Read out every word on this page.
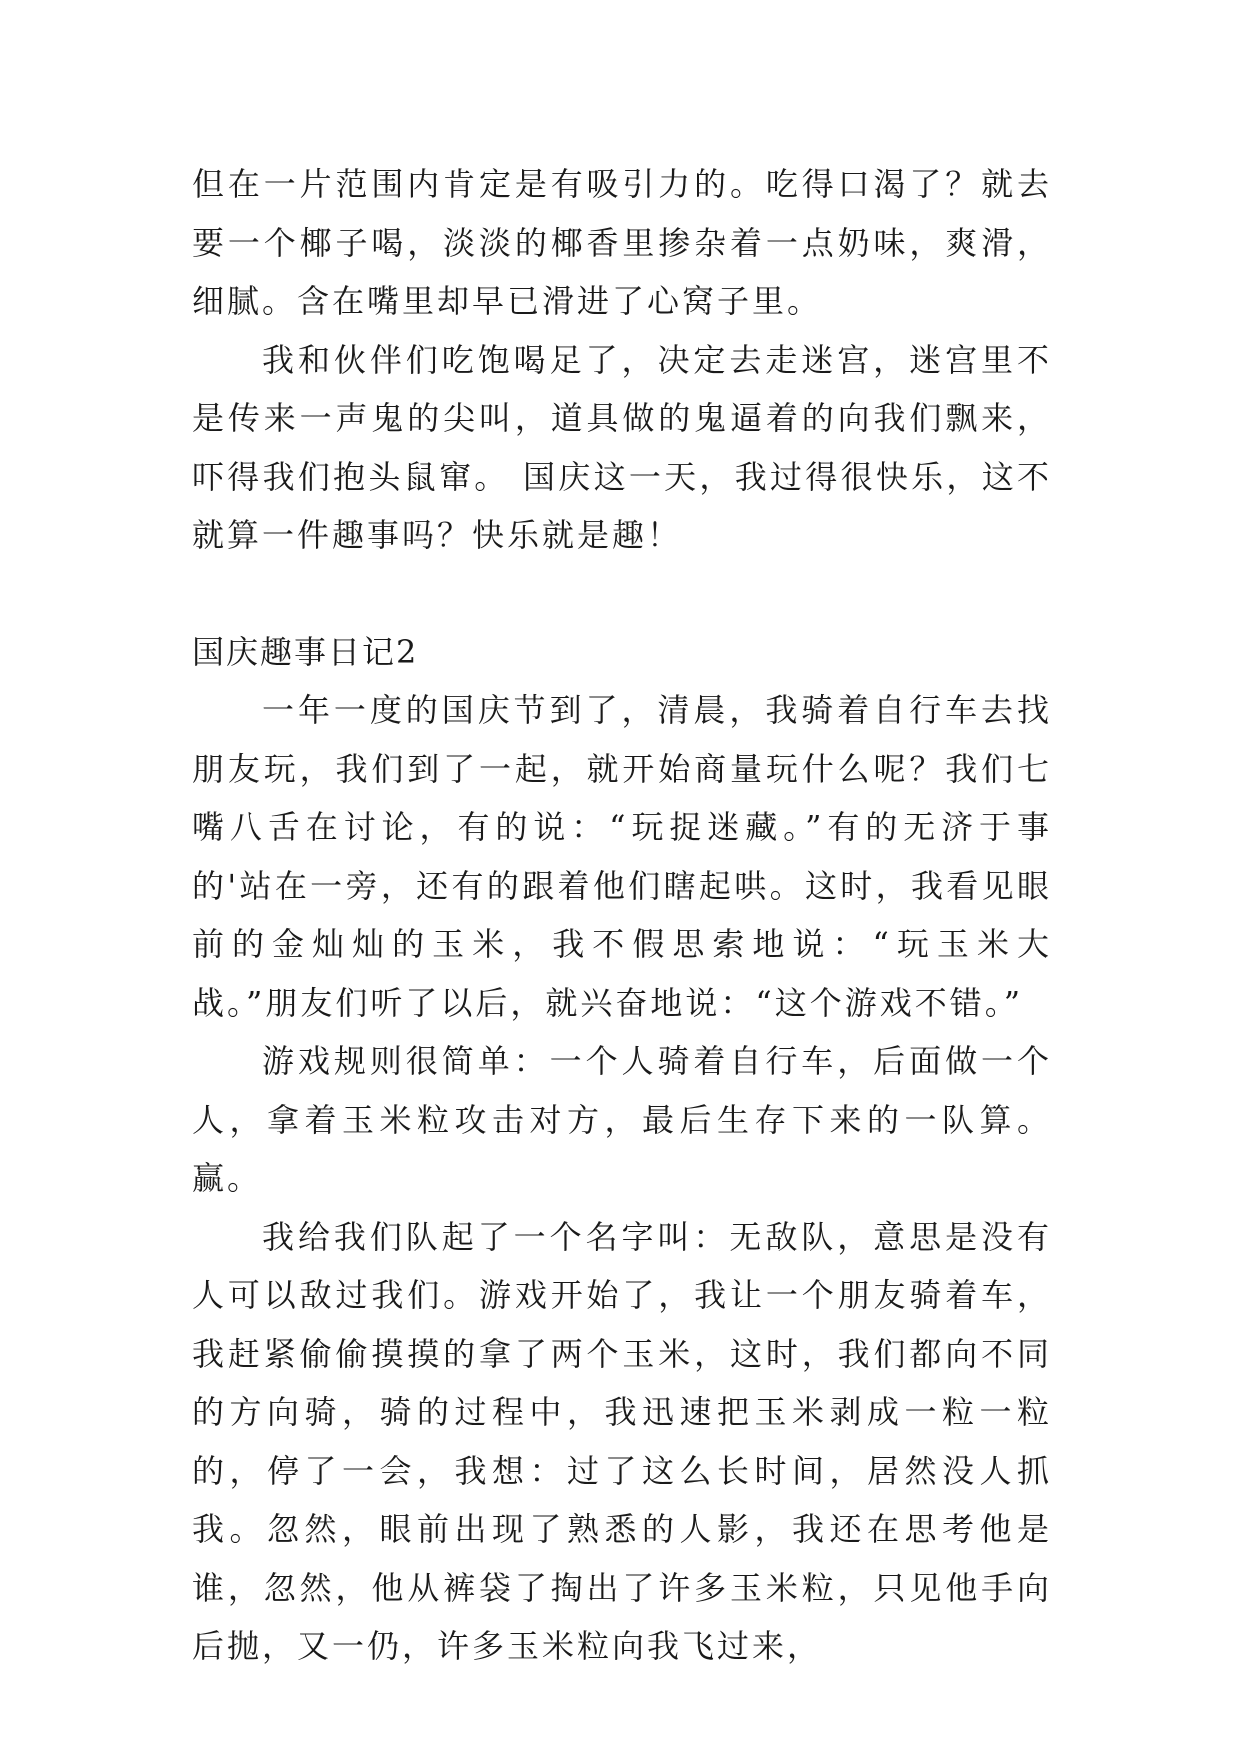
但在一片范围内肯定是有吸引力的。吃得口渴了？就去要一个椰子喝，淡淡的椰香里掺杂着一点奶味，爽滑，细腻。含在嘴里却早已滑进了心窝子里。

我和伙伴们吃饱喝足了，决定去走迷宫，迷宫里不是传来一声鬼的尖叫，道具做的鬼逼着的向我们飘来，吓得我们抱头鼠窜。 国庆这一天，我过得很快乐，这不就算一件趣事吗？快乐就是趣！

国庆趣事日记2

一年一度的国庆节到了，清晨，我骑着自行车去找朋友玩，我们到了一起，就开始商量玩什么呢？我们七嘴八舌在讨论，有的说：“玩捉迷藏。”有的无济于事的'站在一旁，还有的跟着他们瞎起哄。这时，我看见眼前的金灿灿的玉米，我不假思索地说：“玩玉米大战。”朋友们听了以后，就兴奋地说：“这个游戏不错。”

游戏规则很简单：一个人骑着自行车，后面做一个人，拿着玉米粒攻击对方，最后生存下来的一队算。赢。

我给我们队起了一个名字叫：无敌队，意思是没有人可以敌过我们。游戏开始了，我让一个朋友骑着车，我赶紧偷偷摸摸的拿了两个玉米，这时，我们都向不同的方向骑，骑的过程中，我迅速把玉米剥成一粒一粒的，停了一会，我想：过了这么长时间，居然没人抓我。忽然，眼前出现了熟悉的人影，我还在思考他是谁，忽然，他从裤袋了掏出了许多玉米粒，只见他手向后抛，又一仍，许多玉米粒向我飞过来，
